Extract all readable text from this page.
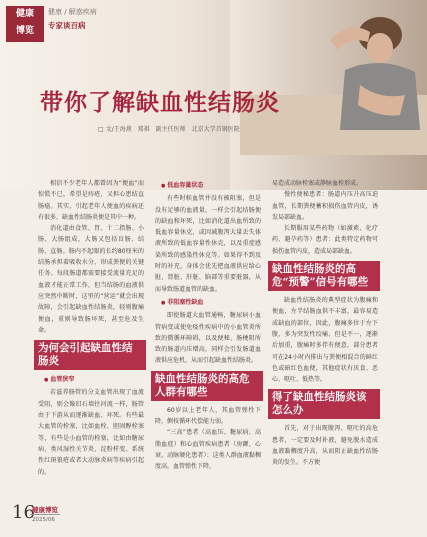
健康
博览
健康 / 解惑疾病
专家谈百病
带你了解缺血性结肠炎
□ 文/王海燕　郑祺　副主任医师　北京大学首钢医院

相信不少老年人都曾因为“便血”而惊慌不已，希望是痔疮，又担心患结直肠癌。其实，引起老年人便血的疾病还有很多，缺血性结肠炎便是其中一种。

消化道由食管、胃、十二指肠、小肠、大肠组成，大肠又包括盲肠、结肠、直肠。肠内不起眼的长约80厘米的结肠承担着吸收水分、形成粪便的关键任务。每段肠道都需要接受流量充足的血液才能正常工作，但当结肠的血液供应突然中断时，这里的“营运”就会出现故障，会引起缺血性结肠炎，轻则腹痛便血，重则导致肠坏死，甚至危及生命。

为何会引起缺血性结肠炎
● 血管狭窄

若滋养肠管的分支血管出现了血流受阻，则会像旧石墙往河流一样，肠管由于下游从而逐渐缺血、坏死。有些最大血管的栓塞，比如血栓、胆固醇栓塞等，有些是小血管的栓塞，比如由糖尿病、类风湿性关节炎、淀粉样变、系统性红斑狼疮或者大动脉炎病等疾病引起的。

● 低血容量状态

有些时候血管并没有被阻塞，但是没有足够的血液量，一样会引起结肠便的缺血和坏死，比如消化道出血所致的低血容量休克，或因减腹泻大量丢失体液所致的低血容量性休克，以及重症感染所致的感染性休克等。如果得不到及时的补充，身体会优先把血液供应给心脏、肾脏、肝脏、脑部等重要脏器，从而导致肠道血管的缺血。

● 非阻塞性缺血

即使肠道大血管通畅，糖尿病小血管病变或使免疫性疾病中的小血管炎所致的微循环障碍，以及便秘、肠梗阻所致的肠道内压增高，同样会引发肠道血液供应危机，从而引起缺血性结肠炎。

缺血性结肠炎的高危人群有哪些

60岁以上老年人，其血管弹性下降，侧枝循环代偿能力弱。

“三高”患者（高血压、糖尿病、高脂血症）和心血管疾病患者（房颤、心衰、动脉硬化患者）：这类人群血液黏稠度高，血管弹性下降，

易造成动脉栓塞或静脉血栓形成。

慢性便秘患者：肠道内压升高压迫血管，长期粪便蓄积损伤血管内皮，诱发局部缺血。

长期服用某些药物（如激素、化疗药、避孕药等）患者：此类特定药物可损伤血管内皮，造成局部缺血。

缺血性结肠炎的高危“预警”信号有哪些

缺血性结肠炎的典型症状为腹痛和便血，左半结肠血供不丰富，最容易造成缺血的部位，因此，腹痛多位于左下腹，多为突发性绞痛，但是不一，逐渐后加重，腹痛时多伴有便意，部分患者可在24小时内排出与粪便相混合的鲜红色或暗红色血便，其他症状有厌食、恶心、呕吐、低热等。

得了缺血性结肠炎该怎么办

首先，对于出现腹泻、呕吐的高危患者，一定要及时补液，避免脱水造成血液黏稠度升高，从而阻止缺血性结肠炎的发生。不方便

16
健康博览
2025/06
